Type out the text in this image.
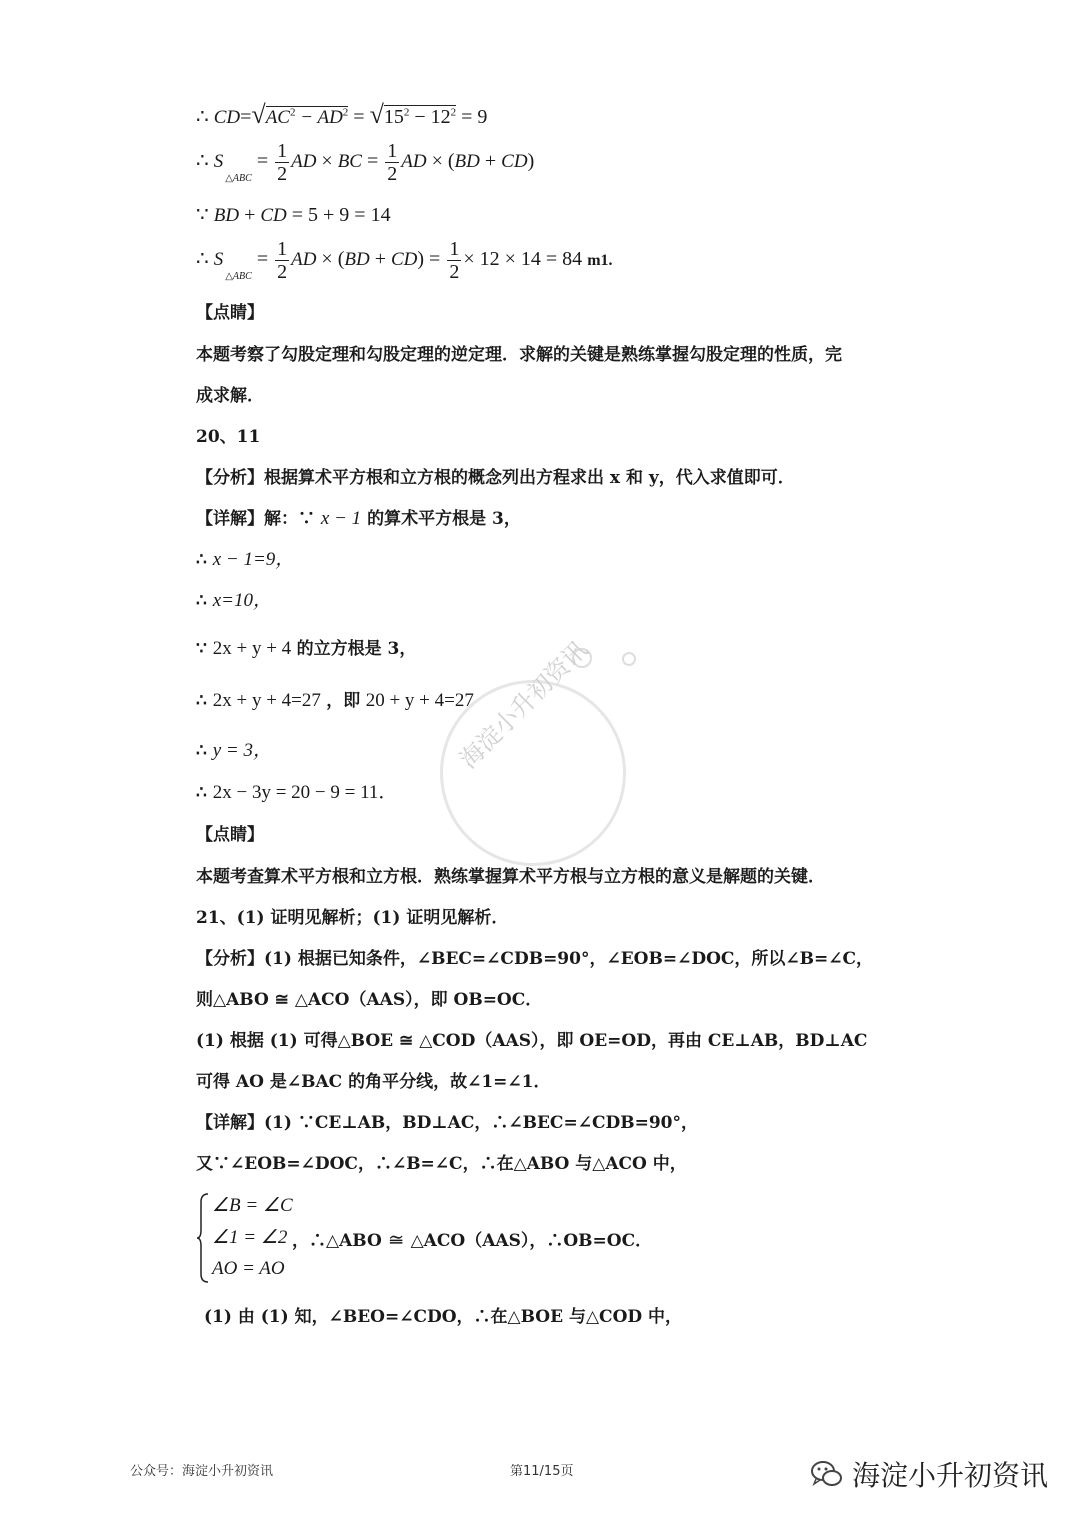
海淀小升初资讯
∴ $CD=√AC^2 - AD^2 = √15^2 - 12^2 = 9$
∴ $S_{\triangle ABC} = \frac{1}{2}$ AD × BC = $\frac{1}{2}$ AD × (BD + CD)
∵ BD + CD = 5 + 9 = 14
∴ $S_{\triangle ABC} = \frac{1}{2}$ AD × $(BD + CD) = \frac{1}{2} \times 12 \times 14 = 84$ m1.
【点睛】
本题考察了勾股定理和勾股定理的逆定理．求解的关键是熟练掌握勾股定理的性质，完
成求解．
20、11
【分析】根据算术平方根和立方根的概念列出方程求出 x 和 y，代入求值即可．
【详解】解：∵ x − 1 的算术平方根是 3，
∴ x − 1=9，
∴ x=10，
∵ 2x + y + 4 的立方根是 3，
∴ 2x + y + 4=27 ，即 20 + y + 4=27
∴ y = 3，
∴ 2x − 3y = 20 − 9 = 11．
【点睛】
本题考查算术平方根和立方根．熟练掌握算术平方根与立方根的意义是解题的关键．
21、(1) 证明见解析；(1) 证明见解析．
【分析】(1) 根据已知条件，∠BEC=∠CDB=90°，∠EOB=∠DOC，所以∠B=∠C，
则△ABO ≅ △ACO（AAS），即 OB=OC．
(1) 根据 (1) 可得△BOE ≅ △COD（AAS），即 OE=OD，再由 CE⊥AB，BD⊥AC
可得 AO 是∠BAC 的角平分线，故∠1=∠1．
【详解】(1) ∵CE⊥AB，BD⊥AC，∴∠BEC=∠CDB=90°，
又∵∠EOB=∠DOC，∴∠B=∠C，∴在△ABO 与△ACO 中，
∠B = ∠C
∠1 = ∠2
AO = AO
，∴△ABO ≅ △ACO（AAS），∴OB=OC．
(1) 由 (1) 知，∠BEO=∠CDO，∴在△BOE 与△COD 中，
公众号：海淀小升初资讯	第11/15页	海淀小升初资讯
